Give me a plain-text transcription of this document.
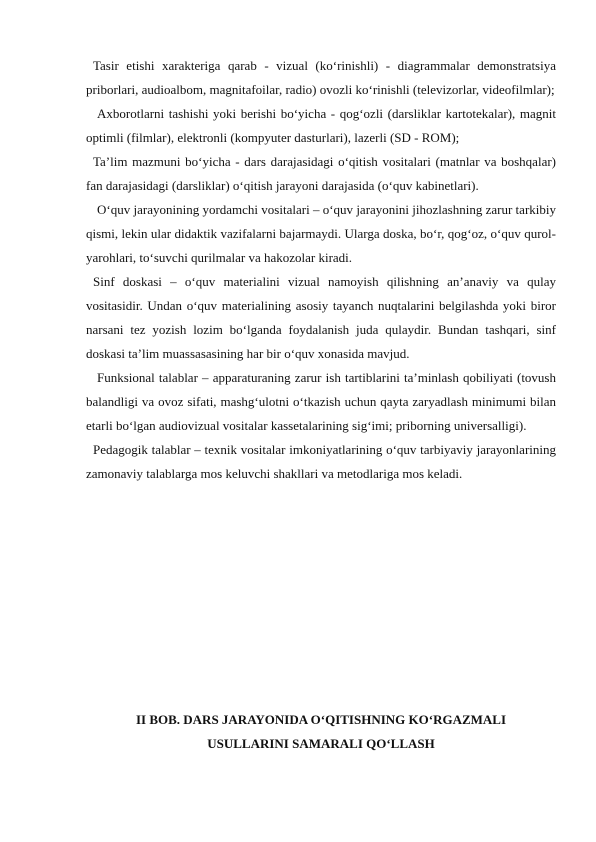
Tasir etishi xarakteriga qarab - vizual (ko‘rinishli) - diagrammalar demonstratsiya priborlari, audioalbom, magnitafoilar, radio) ovozli ko‘rinishli (televizorlar, videofilmlar);

Axborotlarni tashishi yoki berishi bo‘yicha - qog‘ozli (darsliklar kartotekalar), magnit optimli (filmlar), elektronli (kompyuter dasturlari), lazerli (SD - ROM);

Ta’lim mazmuni bo‘yicha - dars darajasidagi o‘qitish vositalari (matnlar va boshqalar) fan darajasidagi (darsliklar) o‘qitish jarayoni darajasida (o‘quv kabinetlari).

O‘quv jarayonining yordamchi vositalari – o‘quv jarayonini jihozlashning zarur tarkibiy qismi, lekin ular didaktik vazifalarni bajarmaydi. Ularga doska, bo‘r, qog‘oz, o‘quv qurol-yarohlari, to‘suvchi qurilmalar va hakozolar kiradi.

Sinf doskasi – o‘quv materialini vizual namoyish qilishning an’anaviy va qulay vositasidir. Undan o‘quv materialining asosiy tayanch nuqtalarini belgilashda yoki biror narsani tez yozish lozim bo‘lganda foydalanish juda qulaydir. Bundan tashqari, sinf doskasi ta’lim muassasasining har bir o‘quv xonasida mavjud.

Funksional talablar – apparaturaning zarur ish tartiblarini ta’minlash qobiliyati (tovush balandligi va ovoz sifati, mashg‘ulotni o‘tkazish uchun qayta zaryadlash minimumi bilan etarli bo‘lgan audiovizual vositalar kassetalarining sig‘imi; priborning universalligi).

Pedagogik talablar – texnik vositalar imkoniyatlarining o‘quv tarbiyaviy jarayonlarining zamonaviy talablarga mos keluvchi shakllari va metodlariga mos keladi.

II BOB. DARS JARAYONIDA O‘QITISHNING KO‘RGAZMALI
USULLARINI SAMARALI QO‘LLASH
